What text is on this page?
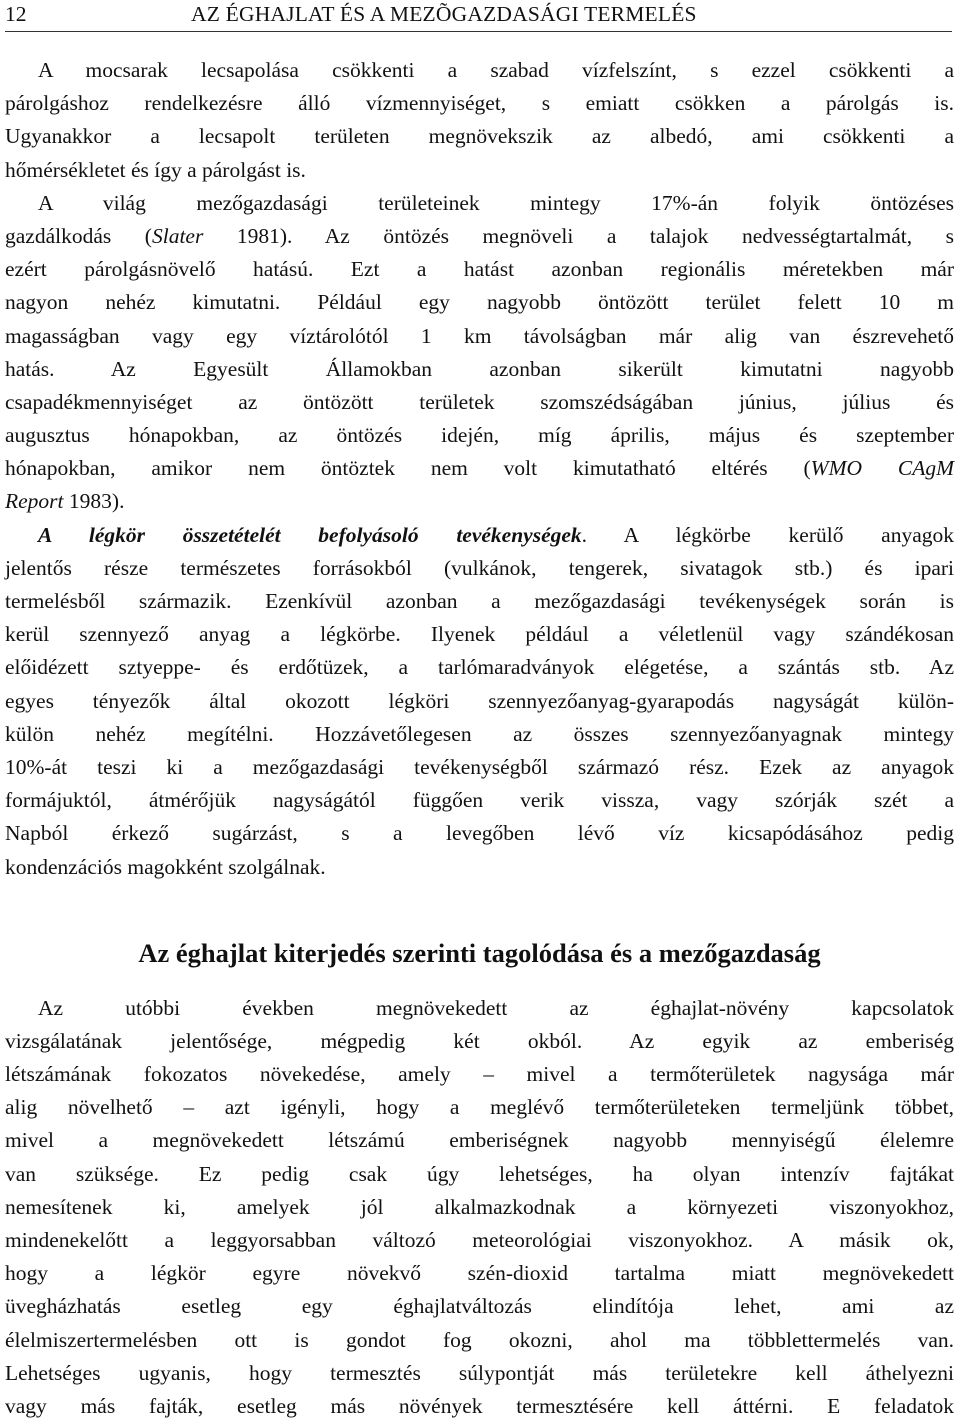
12	AZ ÉGHAJLAT ÉS A MEZÕGAZDASÁGI TERMELÉS
A mocsarak lecsapolása csökkenti a szabad vízfelszínt, s ezzel csökkenti a
párolgáshoz rendelkezésre álló vízmennyiséget, s emiatt csökken a párolgás is.
Ugyanakkor a lecsapolt területen megnövekszik az albedó, ami csökkenti a
hőmérsékletet és így a párolgást is.
A világ mezőgazdasági területeinek mintegy 17%-án folyik öntözéses
gazdálkodás (Slater 1981). Az öntözés megnöveli a talajok nedvességtartalmát, s
ezért párolgásnövelő hatású. Ezt a hatást azonban regionális méretekben már
nagyon nehéz kimutatni. Például egy nagyobb öntözött terület felett 10 m
magasságban vagy egy víztárolótól 1 km távolságban már alig van észrevehető
hatás. Az Egyesült Államokban azonban sikerült kimutatni nagyobb
csapadékmennyiséget az öntözött területek szomszédságában június, július és
augusztus hónapokban, az öntözés idején, míg április, május és szeptember
hónapokban, amikor nem öntöztek nem volt kimutatható eltérés (WMO CAgM
Report 1983).
A légkör összetételét befolyásoló tevékenységek. A légkörbe kerülő anyagok
jelentős része természetes forrásokból (vulkánok, tengerek, sivatagok stb.) és ipari
termelésből származik. Ezenkívül azonban a mezőgazdasági tevékenységek során is
kerül szennyező anyag a légkörbe. Ilyenek például a véletlenül vagy szándékosan
előidézett sztyeppe- és erdőtüzek, a tarlómaradványok elégetése, a szántás stb. Az
egyes tényezők által okozott légköri szennyezőanyag-gyarapodás nagyságát külön-
külön nehéz megítélni. Hozzávetőlegesen az összes szennyezőanyagnak mintegy
10%-át teszi ki a mezőgazdasági tevékenységből származó rész. Ezek az anyagok
formájuktól, átmérőjük nagyságától függően verik vissza, vagy szórják szét a
Napból érkező sugárzást, s a levegőben lévő víz kicsapódásához pedig
kondenzációs magokként szolgálnak.
Az éghajlat kiterjedés szerinti tagolódása és a mezőgazdaság
Az utóbbi években megnövekedett az éghajlat-növény kapcsolatok
vizsgálatának jelentősége, mégpedig két okból. Az egyik az emberiség
létszámának fokozatos növekedése, amely – mivel a termőterületek nagysága már
alig növelhető – azt igényli, hogy a meglévő termőterületeken termeljünk többet,
mivel a megnövekedett létszámú emberiségnek nagyobb mennyiségű élelemre
van szüksége. Ez pedig csak úgy lehetséges, ha olyan intenzív fajtákat
nemesítenek ki, amelyek jól alkalmazkodnak a környezeti viszonyokhoz,
mindenekelőtt a leggyorsabban változó meteorológiai viszonyokhoz. A másik ok,
hogy a légkör egyre növekvő szén-dioxid tartalma miatt megnövekedett
üvegházhatás esetleg egy éghajlatváltozás elindítója lehet, ami az
élelmiszertermelésben ott is gondot fog okozni, ahol ma többlettermelés van.
Lehetséges ugyanis, hogy termesztés súlypontját más területekre kell áthelyezni
vagy más fajták, esetleg más növények termesztésére kell áttérni. E feladatok
